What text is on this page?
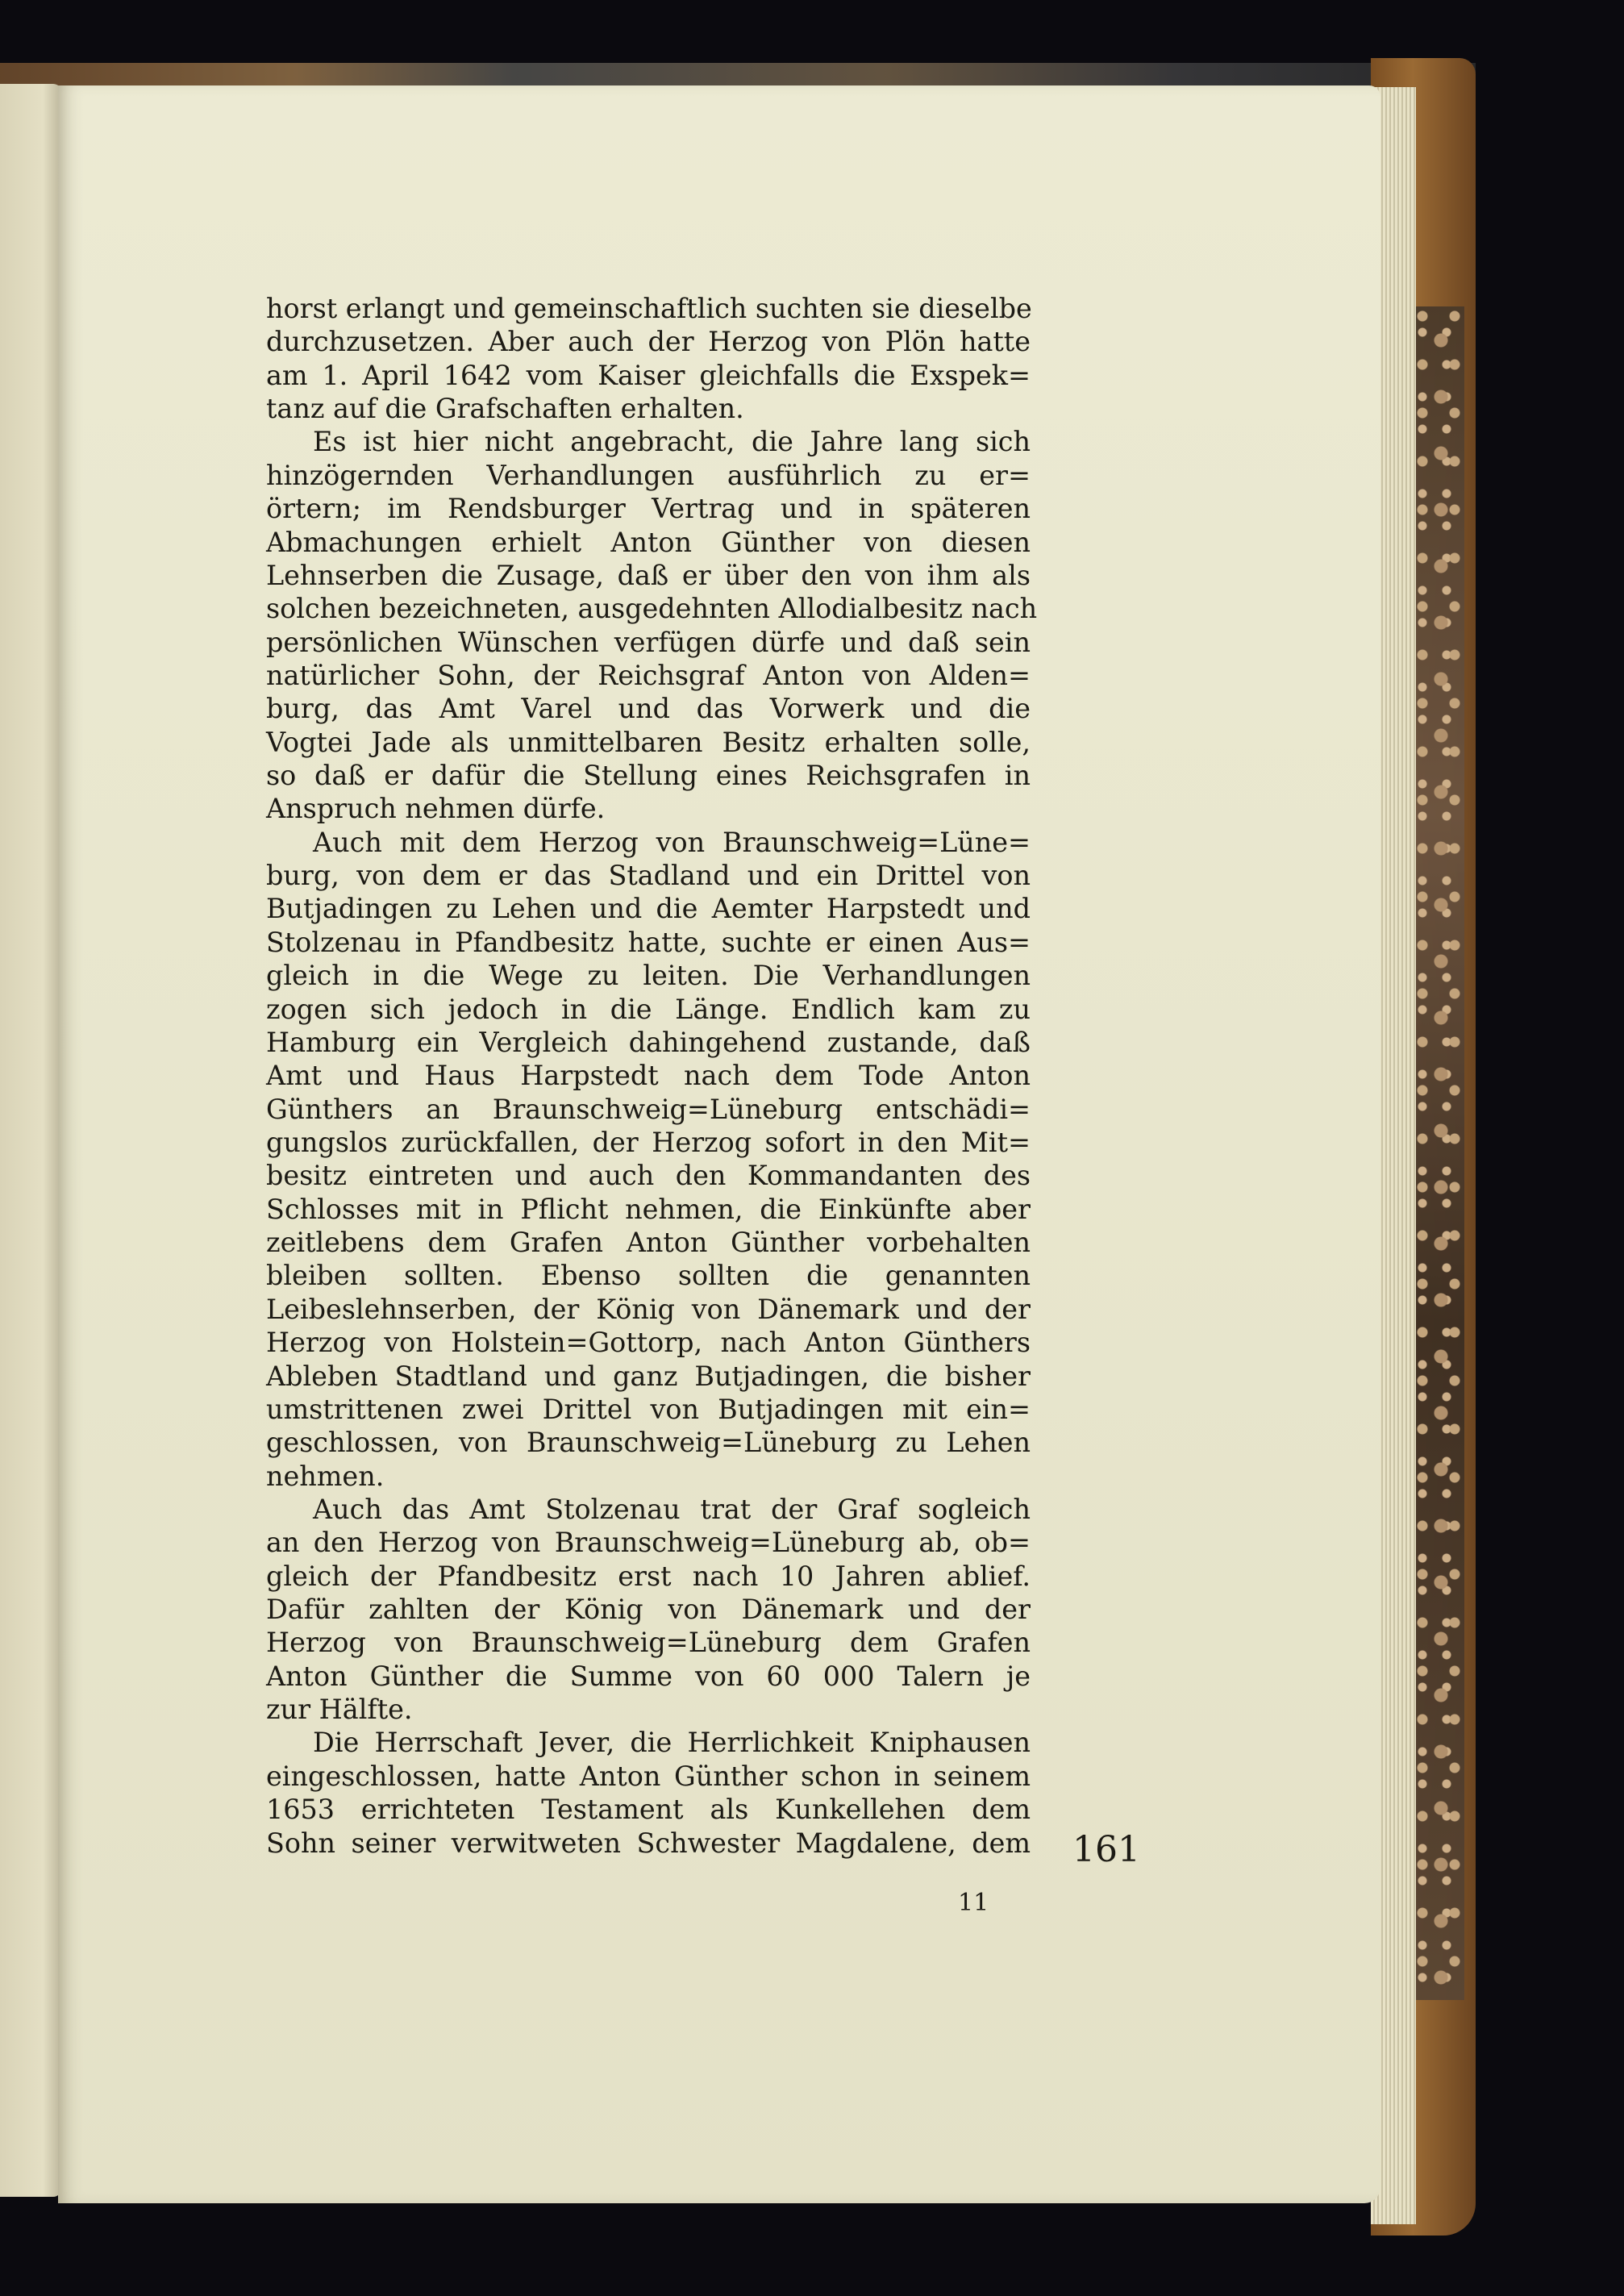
horst erlangt und gemeinschaftlich suchten sie dieselbe
durchzusetzen. Aber auch der Herzog von Plön hatte
am 1. April 1642 vom Kaiser gleichfalls die Exspek=
tanz auf die Grafschaften erhalten.
Es ist hier nicht angebracht, die Jahre lang sich
hinzögernden Verhandlungen ausführlich zu er=
örtern; im Rendsburger Vertrag und in späteren
Abmachungen erhielt Anton Günther von diesen
Lehnserben die Zusage, daß er über den von ihm als
solchen bezeichneten, ausgedehnten Allodialbesitz nach
persönlichen Wünschen verfügen dürfe und daß sein
natürlicher Sohn, der Reichsgraf Anton von Alden=
burg, das Amt Varel und das Vorwerk und die
Vogtei Jade als unmittelbaren Besitz erhalten solle,
so daß er dafür die Stellung eines Reichsgrafen in
Anspruch nehmen dürfe.
Auch mit dem Herzog von Braunschweig=Lüne=
burg, von dem er das Stadland und ein Drittel von
Butjadingen zu Lehen und die Aemter Harpstedt und
Stolzenau in Pfandbesitz hatte, suchte er einen Aus=
gleich in die Wege zu leiten. Die Verhandlungen
zogen sich jedoch in die Länge. Endlich kam zu
Hamburg ein Vergleich dahingehend zustande, daß
Amt und Haus Harpstedt nach dem Tode Anton
Günthers an Braunschweig=Lüneburg entschädi=
gungslos zurückfallen, der Herzog sofort in den Mit=
besitz eintreten und auch den Kommandanten des
Schlosses mit in Pflicht nehmen, die Einkünfte aber
zeitlebens dem Grafen Anton Günther vorbehalten
bleiben sollten. Ebenso sollten die genannten
Leibeslehnserben, der König von Dänemark und der
Herzog von Holstein=Gottorp, nach Anton Günthers
Ableben Stadtland und ganz Butjadingen, die bisher
umstrittenen zwei Drittel von Butjadingen mit ein=
geschlossen, von Braunschweig=Lüneburg zu Lehen
nehmen.
Auch das Amt Stolzenau trat der Graf sogleich
an den Herzog von Braunschweig=Lüneburg ab, ob=
gleich der Pfandbesitz erst nach 10 Jahren ablief.
Dafür zahlten der König von Dänemark und der
Herzog von Braunschweig=Lüneburg dem Grafen
Anton Günther die Summe von 60 000 Talern je
zur Hälfte.
Die Herrschaft Jever, die Herrlichkeit Kniphausen
eingeschlossen, hatte Anton Günther schon in seinem
1653 errichteten Testament als Kunkellehen dem
Sohn seiner verwitweten Schwester Magdalene, dem 161
11
